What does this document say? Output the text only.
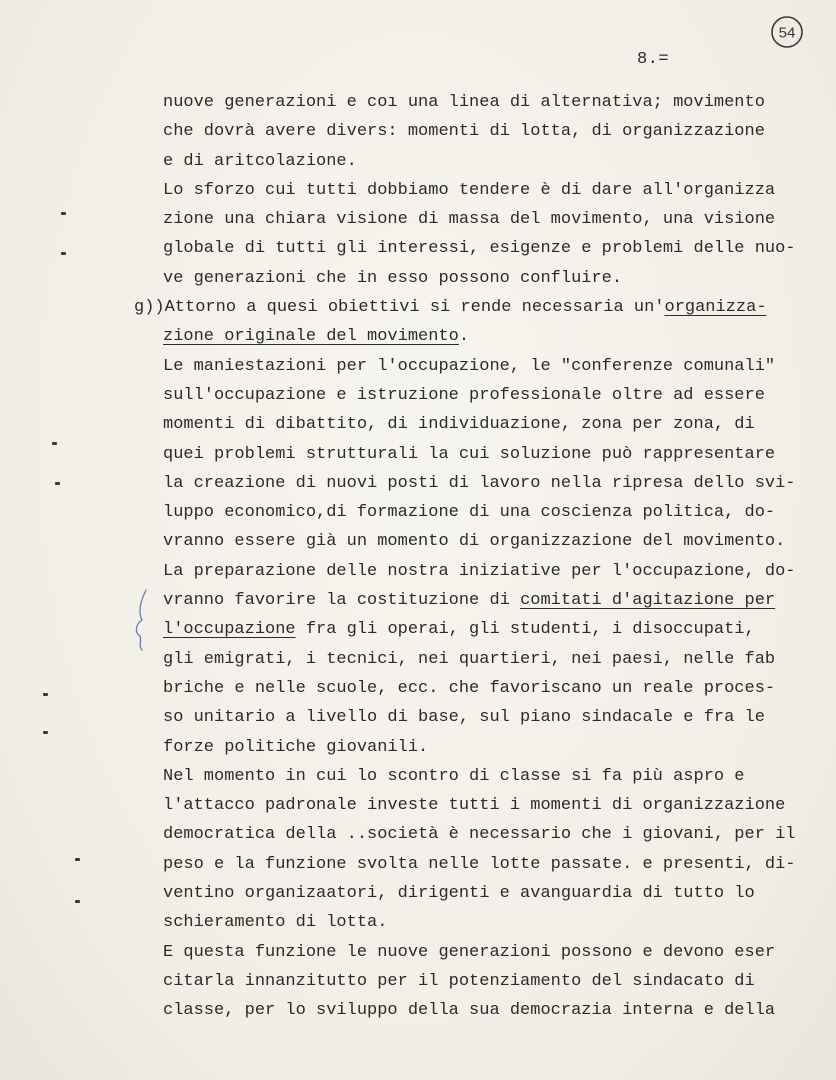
54
8.=
nuove generazioni e coı una linea di alternativa; movimento
che dovrà avere divers: momenti di lotta, di organizzazione
e di aritcolazione.
Lo sforzo cui tutti dobbiamo tendere è di dare all'organizza
zione una chiara visione di massa del movimento, una visione
globale di tutti gli interessi, esigenze e problemi delle nuo-
ve generazioni che in esso possono confluire.
g))Attorno a quesi obiettivi si rende necessaria un'organizza-
zione originale del movimento.
Le maniestazioni per l'occupazione, le "conferenze comunali"
sull'occupazione e istruzione professionale oltre ad essere
momenti di dibattito, di individuazione, zona per zona, di
quei problemi strutturali la cui soluzione può rappresentare
la creazione di nuovi posti di lavoro nella ripresa dello svi-
luppo economico,di formazione di una coscienza politica, do-
vranno essere già un momento di organizzazione del movimento.
La preparazione delle nostra iniziative per l'occupazione, do-
vranno favorire la costituzione di comitati d'agitazione per
l'occupazione fra gli operai, gli studenti, i disoccupati,
gli emigrati, i tecnici, nei quartieri, nei paesi, nelle fab
briche e nelle scuole, ecc. che favoriscano un reale proces-
so unitario a livello di base, sul piano sindacale e fra le
forze politiche giovanili.
Nel momento in cui lo scontro di classe si fa più aspro e
l'attacco padronale investe tutti i momenti di organizzazione
democratica della ..società è necessario che i giovani, per il
peso e la funzione svolta nelle lotte passate. e presenti, di-
ventino organizaatori, dirigenti e avanguardia di tutto lo
schieramento di lotta.
E questa funzione le nuove generazioni possono e devono eser
citarla innanzitutto per il potenziamento del sindacato di
classe, per lo sviluppo della sua democrazia interna e della
